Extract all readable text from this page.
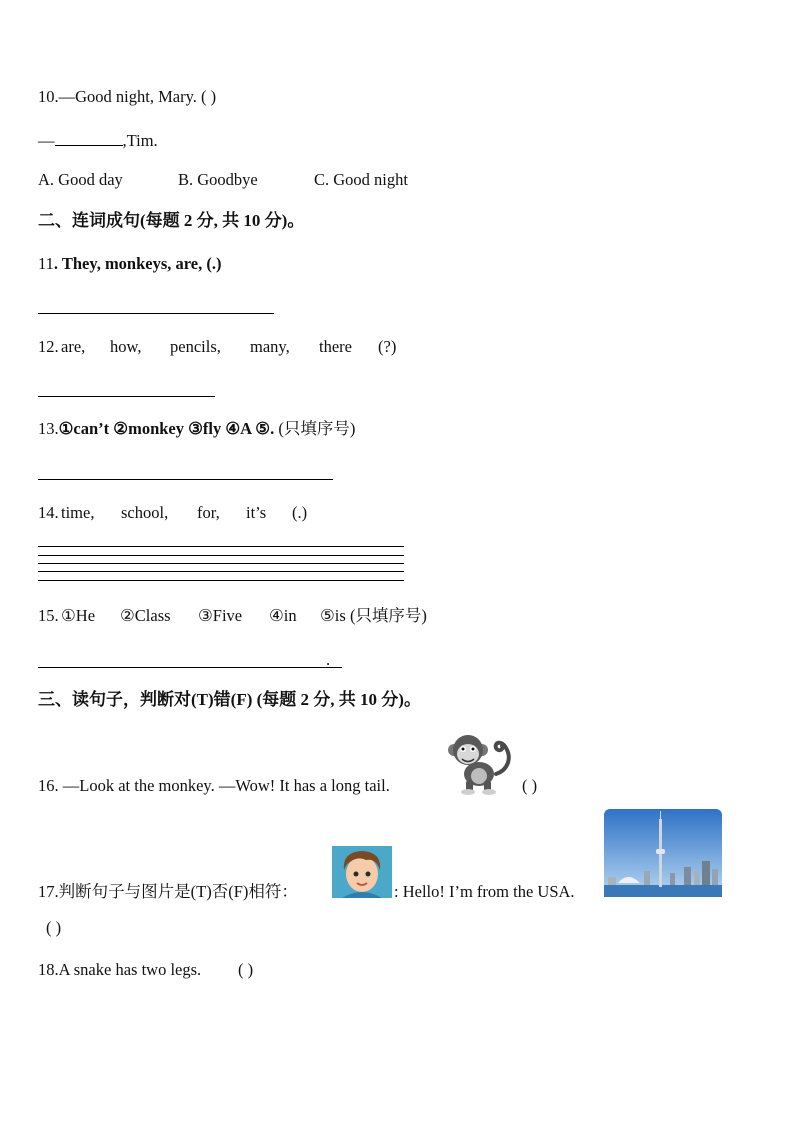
10.—Good night, Mary. ( )
—	,Tim.
A. Good day	B. Goodbye	C. Good night
二、连词成句(每题 2 分, 共 10 分)。
11. They, monkeys, are, (.)
12. are, how, pencils, many, there (?)
13.①can’t ②monkey ③fly ④A ⑤. (只填序号)
14. time, school, for, it’s (.)
15. ①He ②Class ③Five ④in ⑤is (只填序号)
.
三、读句子，判断对(T)错(F) (每题 2 分, 共 10 分)。
16. —Look at the monkey. —Wow! It has a long tail.	( )
17.判断句子与图片是(T)否(F)相符：	: Hello! I’m from the USA.
( )
18.A snake has two legs. ( )
